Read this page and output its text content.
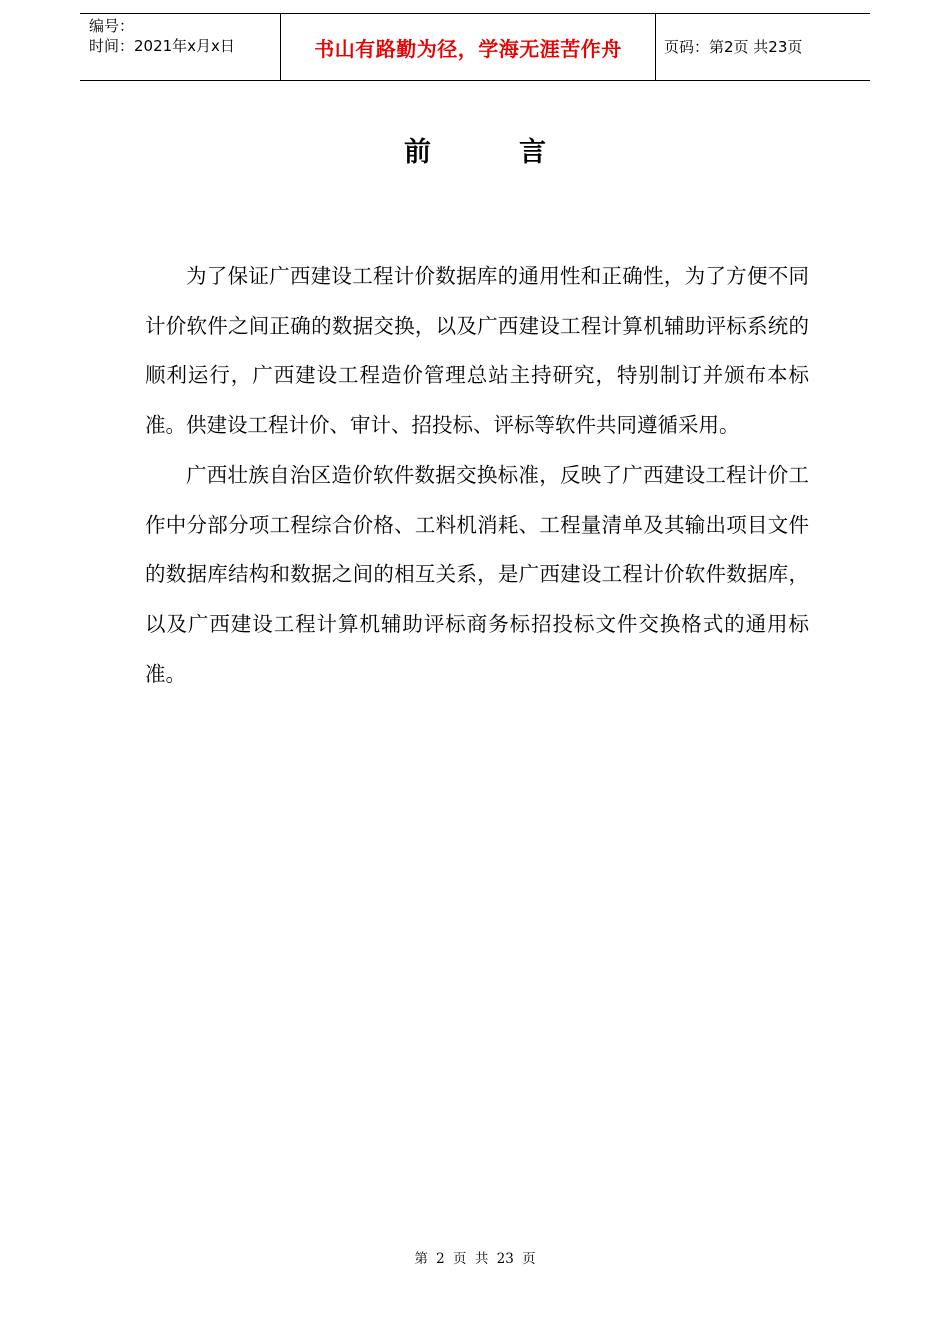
编号：
时间：2021年x月x日	书山有路勤为径，学海无涯苦作舟	页码：第2页 共23页
前言

为了保证广西建设工程计价数据库的通用性和正确性，为了方便不同计价软件之间正确的数据交换，以及广西建设工程计算机辅助评标系统的顺利运行，广西建设工程造价管理总站主持研究，特别制订并颁布本标准。供建设工程计价、审计、招投标、评标等软件共同遵循采用。

广西壮族自治区造价软件数据交换标准，反映了广西建设工程计价工作中分部分项工程综合价格、工料机消耗、工程量清单及其输出项目文件的数据库结构和数据之间的相互关系，是广西建设工程计价软件数据库，以及广西建设工程计算机辅助评标商务标招投标文件交换格式的通用标准。

第 2 页 共 23 页
